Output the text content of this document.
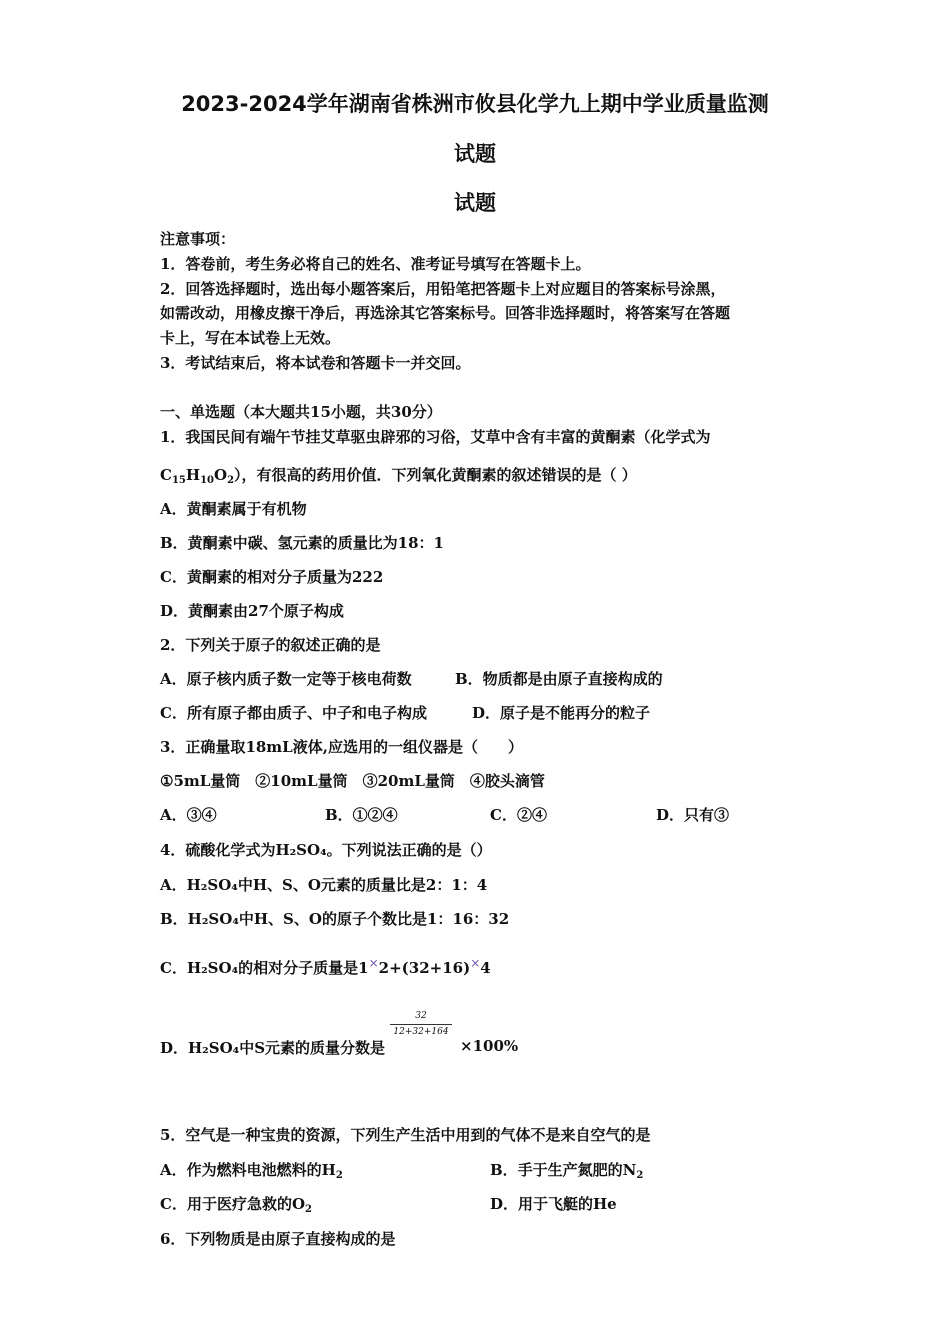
2023-2024学年湖南省株洲市攸县化学九上期中学业质量监测
试题
试题
注意事项：
1．答卷前，考生务必将自己的姓名、准考证号填写在答题卡上。
2．回答选择题时，选出每小题答案后，用铅笔把答题卡上对应题目的答案标号涂黑，
如需改动，用橡皮擦干净后，再选涂其它答案标号。回答非选择题时，将答案写在答题
卡上，写在本试卷上无效。
3．考试结束后，将本试卷和答题卡一并交回。
一、单选题（本大题共15小题，共30分）
1．我国民间有端午节挂艾草驱虫辟邪的习俗，艾草中含有丰富的黄酮素（化学式为
$C_{15}H_{10}O_2$），有很高的药用价值．下列氧化黄酮素的叙述错误的是（ ）
A．黄酮素属于有机物
B．黄酮素中碳、氢元素的质量比为18：1
C．黄酮素的相对分子质量为222
D．黄酮素由27个原子构成
2．下列关于原子的叙述正确的是
A．原子核内质子数一定等于核电荷数	B．物质都是由原子直接构成的
C．所有原子都由质子、中子和电子构成	D．原子是不能再分的粒子
3．正确量取18mL液体,应选用的一组仪器是（　　）
①5mL量筒　②10mL量筒　③20mL量筒　④胶头滴管
A．③④	B．①②④	C．②④	D．只有③
4．硫酸化学式为H₂SO₄。下列说法正确的是（）
A．H₂SO₄中H、S、O元素的质量比是2：1：4
B．H₂SO₄中H、S、O的原子个数比是1：16：32
C．H₂SO₄的相对分子质量是1×2+(32+16)×4
32
12+32+164
D．H₂SO₄中S元素的质量分数是	×100%
5．空气是一种宝贵的资源，下列生产生活中用到的气体不是来自空气的是
A．作为燃料电池燃料的$H_2$	B．手于生产氮肥的$N_2$
C．用于医疗急救的$O_2$	D．用于飞艇的He
6．下列物质是由原子直接构成的是
